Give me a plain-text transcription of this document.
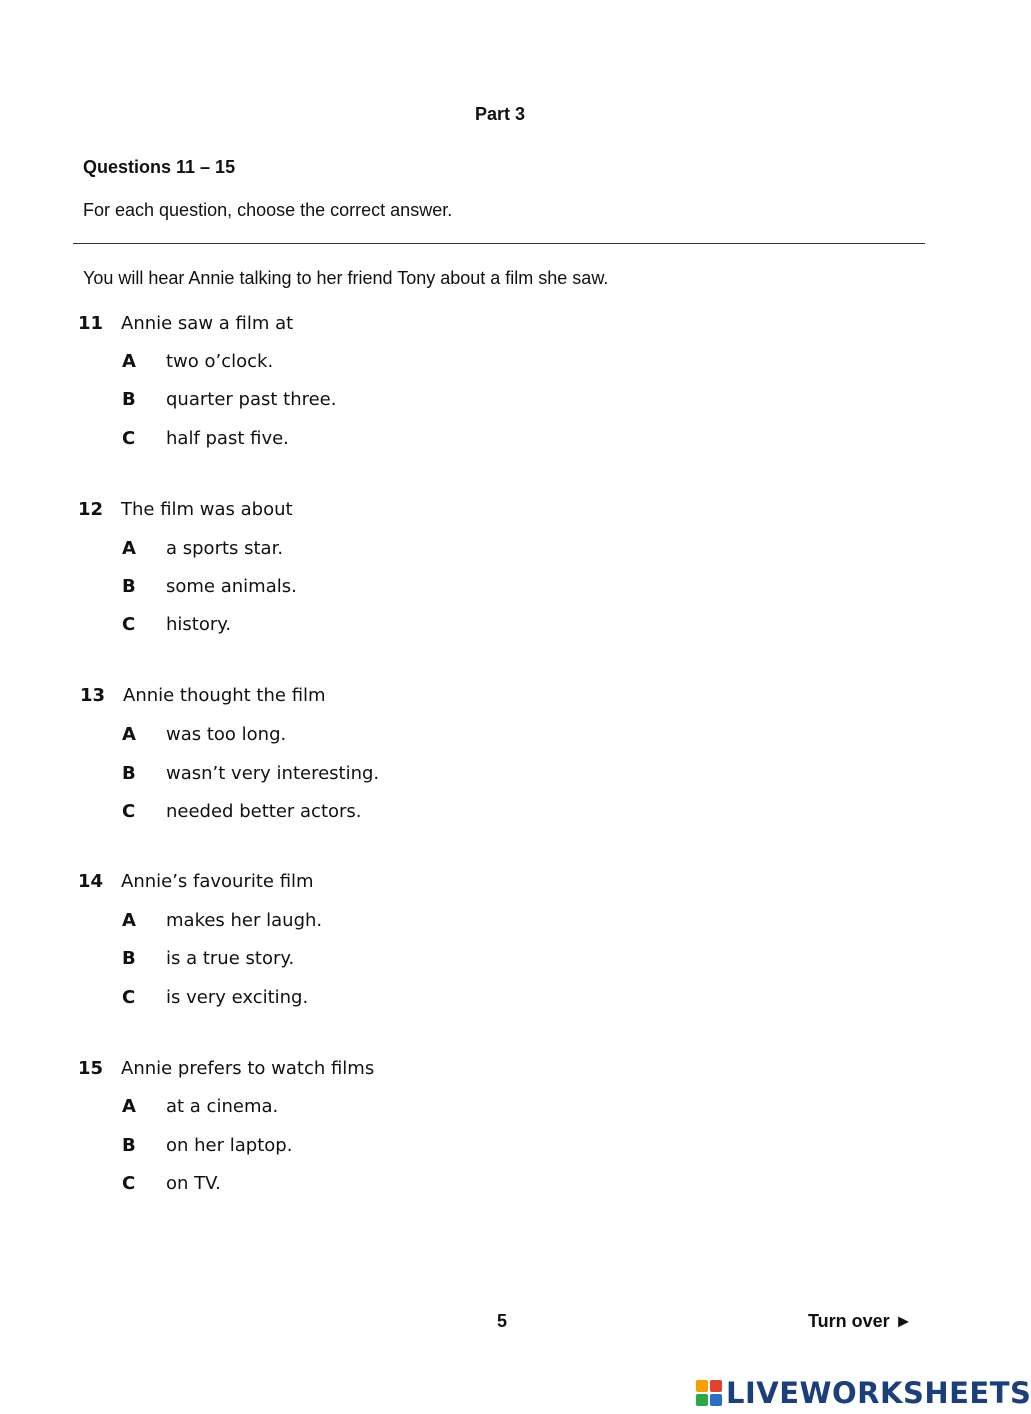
Part 3
Questions 11 – 15
For each question, choose the correct answer.
You will hear Annie talking to her friend Tony about a film she saw.
11 Annie saw a film at
A two o’clock.
B quarter past three.
C half past five.
12 The film was about
A a sports star.
B some animals.
C history.
13 Annie thought the film
A was too long.
B wasn’t very interesting.
C needed better actors.
14 Annie’s favourite film
A makes her laugh.
B is a true story.
C is very exciting.
15 Annie prefers to watch films
A at a cinema.
B on her laptop.
C on TV.
5	Turn over ►
LIVEWORKSHEETS
